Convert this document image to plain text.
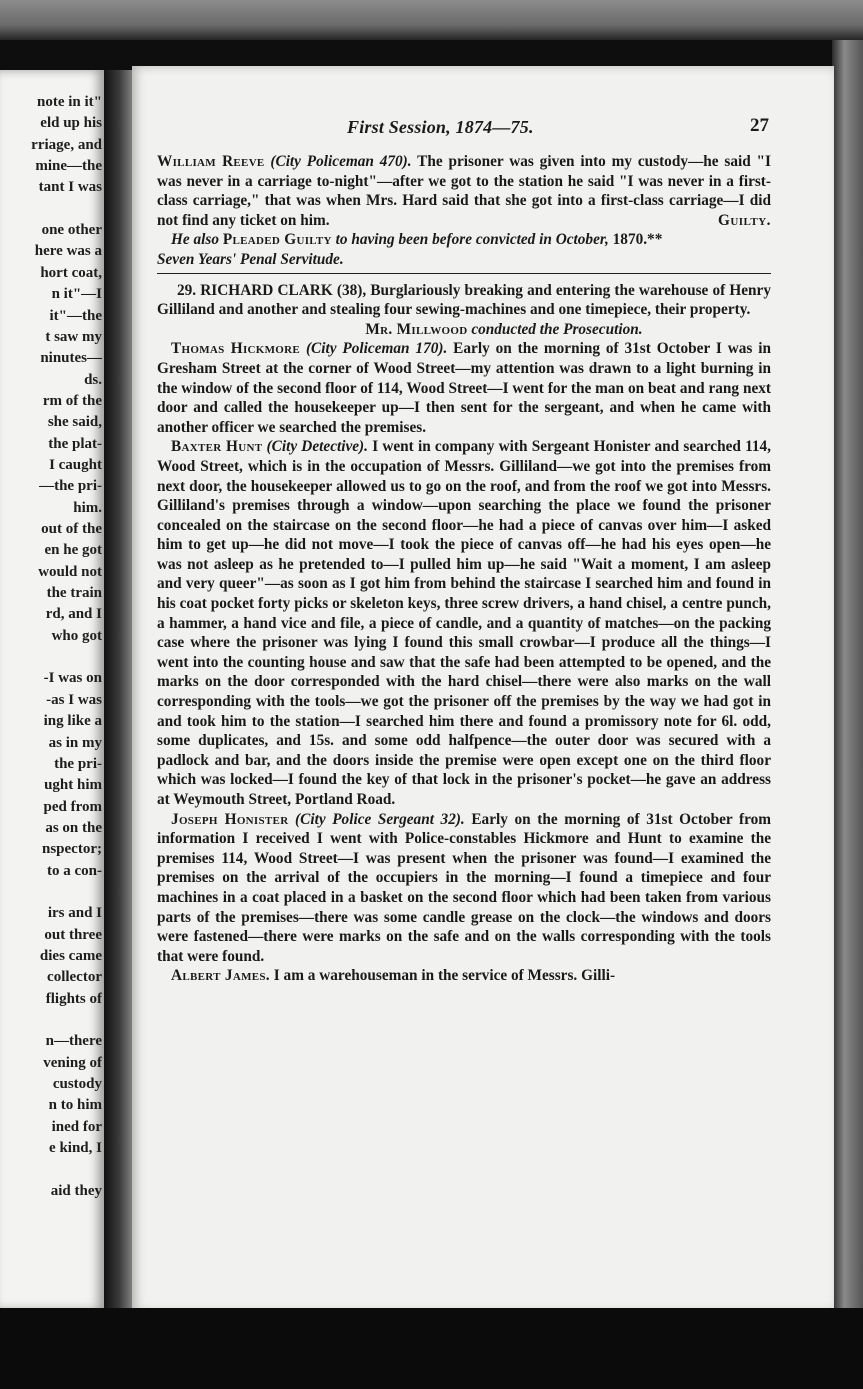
note in it"
eld up his
rriage, and
mine—the
tant I was
one other
here was a
hort coat,
n it"—I
it"—the
t saw my
ninutes—
ds.
rm of the
she said,
the plat-
I caught
—the pri-
him.
out of the
en he got
would not
the train
rd, and I
who got
-I was on
-as I was
ing like a
as in my
the pri-
ught him
ped from
as on the
nspector;
to a con-
irs and I
out three
dies came
collector
flights of
n—there
vening of
custody
n to him
ined for
e kind, I
aid they
First Session, 1874—75.	27

William Reeve (City Policeman 470). The prisoner was given into my custody—he said "I was never in a carriage to-night"—after we got to the station he said "I was never in a first-class carriage," that was when Mrs. Hard said that she got into a first-class carriage—I did not find any ticket on him.	Guilty.

He also Pleaded Guilty to having been before convicted in October, 1870.**

Seven Years' Penal Servitude.

29. RICHARD CLARK (38), Burglariously breaking and entering the warehouse of Henry Gilliland and another and stealing four sewing-machines and one timepiece, their property.

Mr. Millwood conducted the Prosecution.

Thomas Hickmore (City Policeman 170). Early on the morning of 31st October I was in Gresham Street at the corner of Wood Street—my attention was drawn to a light burning in the window of the second floor of 114, Wood Street—I went for the man on beat and rang next door and called the housekeeper up—I then sent for the sergeant, and when he came with another officer we searched the premises.

Baxter Hunt (City Detective). I went in company with Sergeant Honister and searched 114, Wood Street, which is in the occupation of Messrs. Gilliland—we got into the premises from next door, the housekeeper allowed us to go on the roof, and from the roof we got into Messrs. Gilliland's premises through a window—upon searching the place we found the prisoner concealed on the staircase on the second floor—he had a piece of canvas over him—I asked him to get up—he did not move—I took the piece of canvas off—he had his eyes open—he was not asleep as he pretended to—I pulled him up—he said "Wait a moment, I am asleep and very queer"—as soon as I got him from behind the staircase I searched him and found in his coat pocket forty picks or skeleton keys, three screw drivers, a hand chisel, a centre punch, a hammer, a hand vice and file, a piece of candle, and a quantity of matches—on the packing case where the prisoner was lying I found this small crowbar—I produce all the things—I went into the counting house and saw that the safe had been attempted to be opened, and the marks on the door corresponded with the hard chisel—there were also marks on the wall corresponding with the tools—we got the prisoner off the premises by the way we had got in and took him to the station—I searched him there and found a promissory note for 6l. odd, some duplicates, and 15s. and some odd halfpence—the outer door was secured with a padlock and bar, and the doors inside the premise were open except one on the third floor which was locked—I found the key of that lock in the prisoner's pocket—he gave an address at Weymouth Street, Portland Road.

Joseph Honister (City Police Sergeant 32). Early on the morning of 31st October from information I received I went with Police-constables Hickmore and Hunt to examine the premises 114, Wood Street—I was present when the prisoner was found—I examined the premises on the arrival of the occupiers in the morning—I found a timepiece and four machines in a coat placed in a basket on the second floor which had been taken from various parts of the premises—there was some candle grease on the clock—the windows and doors were fastened—there were marks on the safe and on the walls corresponding with the tools that were found.

Albert James. I am a warehouseman in the service of Messrs. Gilli-
